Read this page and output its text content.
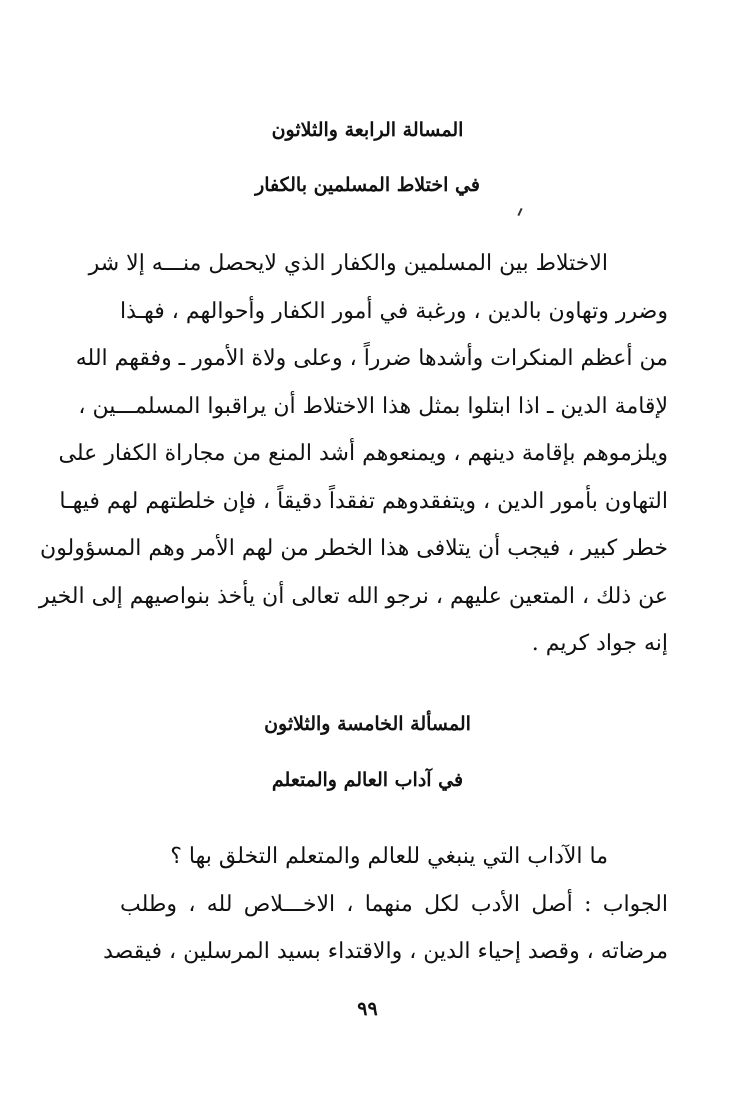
المسالة الرابعة والثلاثون
في اختلاط المسلمين بالكفار
الاختلاط بين المسلمين والكفار الذي لايحصل منـــه إلا شر
وضرر وتهاون بالدين ، ورغبة في أمور الكفار وأحوالهم ، فهـذا
من أعظم المنكرات وأشدها ضرراً ، وعلى ولاة الأمور ـ وفقهم الله
لإقامة الدين ـ اذا ابتلوا بمثل هذا الاختلاط أن يراقبوا المسلمـــين ،
ويلزموهم بإقامة دينهم ، ويمنعوهم أشد المنع من مجاراة الكفار على
التهاون بأمور الدين ، ويتفقدوهم تفقداً دقيقاً ، فإن خلطتهم لهم فيهـا
خطر كبير ، فيجب أن يتلافى هذا الخطر من لهم الأمر وهم المسؤولون
عن ذلك ، المتعين عليهم ، نرجو الله تعالى أن يأخذ بنواصيهم إلى الخير
إنه جواد كريم .
المسألة الخامسة والثلاثون
في آداب العالم والمتعلم
ما الآداب التي ينبغي للعالم والمتعلم التخلق بها ؟
الجواب : أصل الأدب لكل منهما ، الاخـــلاص لله ، وطلب
مرضاته ، وقصد إحياء الدين ، والاقتداء بسيد المرسلين ، فيقصد
٩٩
